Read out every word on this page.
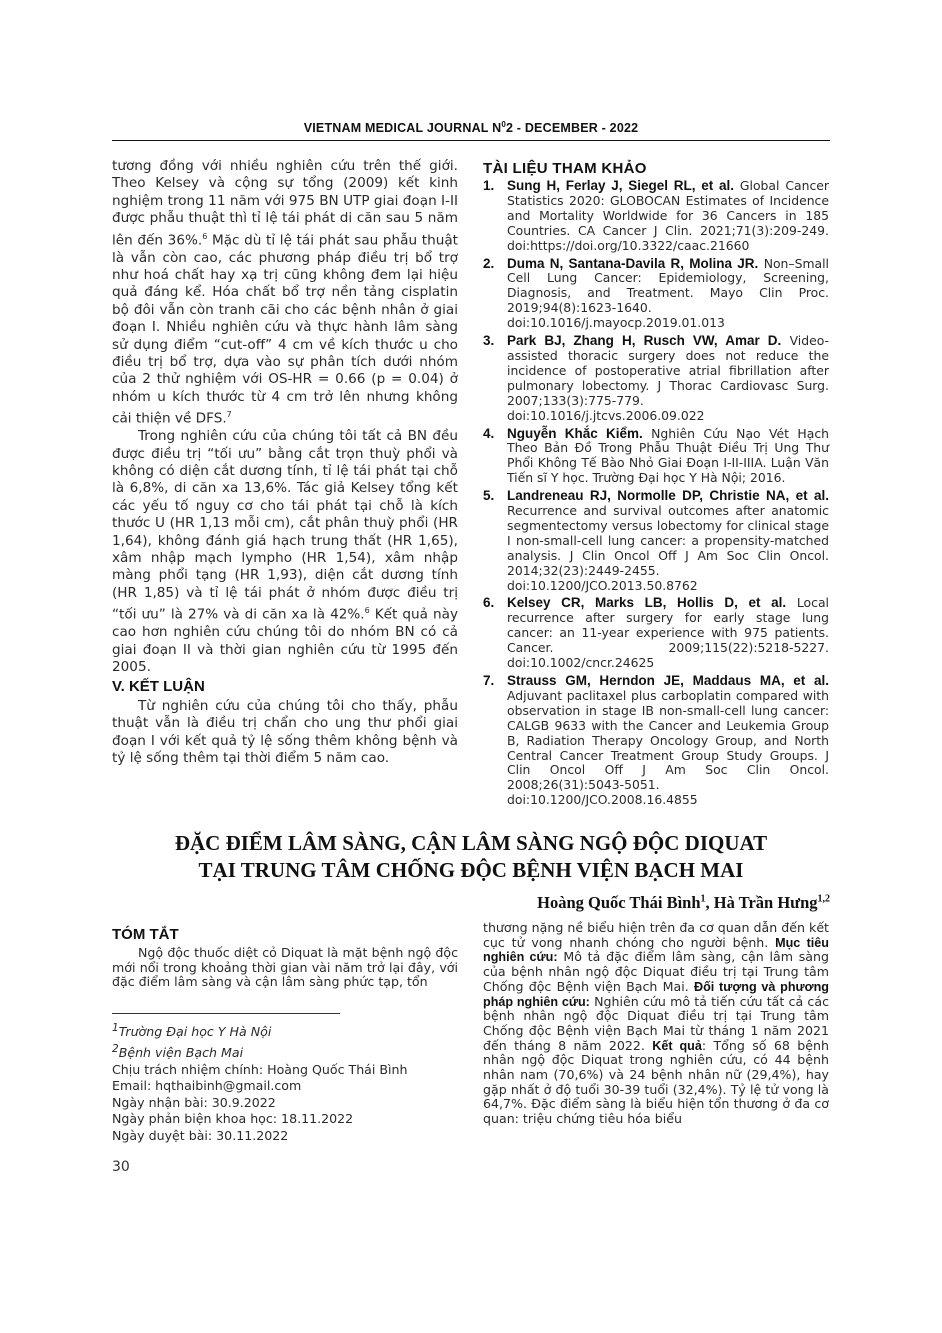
VIETNAM MEDICAL JOURNAL $N^02$ - DECEMBER - 2022

tương đồng với nhiều nghiên cứu trên thế giới. Theo Kelsey và cộng sự tổng (2009) kết kinh nghiệm trong 11 năm với 975 BN UTP giai đoạn I-II được phẫu thuật thì tỉ lệ tái phát di căn sau 5 năm lên đến 36%.$^6$ Mặc dù tỉ lệ tái phát sau phẫu thuật là vẫn còn cao, các phương pháp điều trị bổ trợ như hoá chất hay xạ trị cũng không đem lại hiệu quả đáng kể. Hóa chất bổ trợ nền tảng cisplatin bộ đôi vẫn còn tranh cãi cho các bệnh nhân ở giai đoạn I. Nhiều nghiên cứu và thực hành lâm sàng sử dụng điểm “cut-off” 4 cm về kích thước u cho điều trị bổ trợ, dựa vào sự phân tích dưới nhóm của 2 thử nghiệm với OS-HR = 0.66 (p = 0.04) ở nhóm u kích thước từ 4 cm trở lên nhưng không cải thiện về DFS.$^7$

Trong nghiên cứu của chúng tôi tất cả BN đều được điều trị “tối ưu” bằng cắt trọn thuỳ phổi và không có diện cắt dương tính, tỉ lệ tái phát tại chỗ là 6,8%, di căn xa 13,6%. Tác giả Kelsey tổng kết các yếu tố nguy cơ cho tái phát tại chỗ là kích thước U (HR 1,13 mỗi cm), cắt phân thuỳ phổi (HR 1,64), không đánh giá hạch trung thất (HR 1,65), xâm nhập mạch lympho (HR 1,54), xâm nhập màng phổi tạng (HR 1,93), diện cắt dương tính (HR 1,85) và tỉ lệ tái phát ở nhóm được điều trị “tối ưu” là 27% và di căn xa là 42%.$^6$ Kết quả này cao hơn nghiên cứu chúng tôi do nhóm BN có cả giai đoạn II và thời gian nghiên cứu từ 1995 đến 2005.

V. KẾT LUẬN

Từ nghiên cứu của chúng tôi cho thấy, phẫu thuật vẫn là điều trị chẩn cho ung thư phổi giai đoạn I với kết quả tỷ lệ sống thêm không bệnh và tỷ lệ sống thêm tại thời điểm 5 năm cao.

TÀI LIỆU THAM KHẢO
1. Sung H, Ferlay J, Siegel RL, et al. Global Cancer Statistics 2020: GLOBOCAN Estimates of Incidence and Mortality Worldwide for 36 Cancers in 185 Countries. CA Cancer J Clin. 2021;71(3):209-249. doi:https://doi.org/10.3322/caac.21660
2. Duma N, Santana-Davila R, Molina JR. Non–Small Cell Lung Cancer: Epidemiology, Screening, Diagnosis, and Treatment. Mayo Clin Proc. 2019;94(8):1623-1640. doi:10.1016/j.mayocp.2019.01.013
3. Park BJ, Zhang H, Rusch VW, Amar D. Video-assisted thoracic surgery does not reduce the incidence of postoperative atrial fibrillation after pulmonary lobectomy. J Thorac Cardiovasc Surg. 2007;133(3):775-779. doi:10.1016/j.jtcvs.2006.09.022
4. Nguyễn Khắc Kiểm. Nghiên Cứu Nạo Vét Hạch Theo Bản Đồ Trong Phẫu Thuật Điều Trị Ung Thư Phổi Không Tế Bào Nhỏ Giai Đoạn I-II-IIIA. Luận Văn Tiến sĩ Y học. Trường Đại học Y Hà Nội; 2016.
5. Landreneau RJ, Normolle DP, Christie NA, et al. Recurrence and survival outcomes after anatomic segmentectomy versus lobectomy for clinical stage I non-small-cell lung cancer: a propensity-matched analysis. J Clin Oncol Off J Am Soc Clin Oncol. 2014;32(23):2449-2455. doi:10.1200/JCO.2013.50.8762
6. Kelsey CR, Marks LB, Hollis D, et al. Local recurrence after surgery for early stage lung cancer: an 11-year experience with 975 patients. Cancer. 2009;115(22):5218-5227. doi:10.1002/cncr.24625
7. Strauss GM, Herndon JE, Maddaus MA, et al. Adjuvant paclitaxel plus carboplatin compared with observation in stage IB non-small-cell lung cancer: CALGB 9633 with the Cancer and Leukemia Group B, Radiation Therapy Oncology Group, and North Central Cancer Treatment Group Study Groups. J Clin Oncol Off J Am Soc Clin Oncol. 2008;26(31):5043-5051. doi:10.1200/JCO.2008.16.4855
ĐẶC ĐIỂM LÂM SÀNG, CẬN LÂM SÀNG NGỘ ĐỘC DIQUAT
TẠI TRUNG TÂM CHỐNG ĐỘC BỆNH VIỆN BẠCH MAI
Hoàng Quốc Thái Bình$^1$, Hà Trần Hưng$^{1,2}$
TÓM TẮT
Ngộ độc thuốc diệt cỏ Diquat là mặt bệnh ngộ độc mới nổi trong khoảng thời gian vài năm trở lại đây, với đặc điểm lâm sàng và cận lâm sàng phức tạp, tổn
thương nặng nề biểu hiện trên đa cơ quan dẫn đến kết cục tử vong nhanh chóng cho người bệnh. Mục tiêu nghiên cứu: Mô tả đặc điểm lâm sàng, cận lâm sàng của bệnh nhân ngộ độc Diquat điều trị tại Trung tâm Chống độc Bệnh viện Bạch Mai. Đối tượng và phương pháp nghiên cứu: Nghiên cứu mô tả tiến cứu tất cả các bệnh nhân ngộ độc Diquat điều trị tại Trung tâm Chống độc Bệnh viện Bạch Mai từ tháng 1 năm 2021 đến tháng 8 năm 2022. Kết quả: Tổng số 68 bệnh nhân ngộ độc Diquat trong nghiên cứu, có 44 bệnh nhân nam (70,6%) và 24 bệnh nhân nữ (29,4%), hay gặp nhất ở độ tuổi 30-39 tuổi (32,4%). Tỷ lệ tử vong là 64,7%. Đặc điểm sàng là biểu hiện tổn thương ở đa cơ quan: triệu chứng tiêu hóa biểu
$^1$Trường Đại học Y Hà Nội
$^2$Bệnh viện Bạch Mai
Chịu trách nhiệm chính: Hoàng Quốc Thái Bình
Email: hqthaibinh@gmail.com
Ngày nhận bài: 30.9.2022
Ngày phản biện khoa học: 18.11.2022
Ngày duyệt bài: 30.11.2022
30
